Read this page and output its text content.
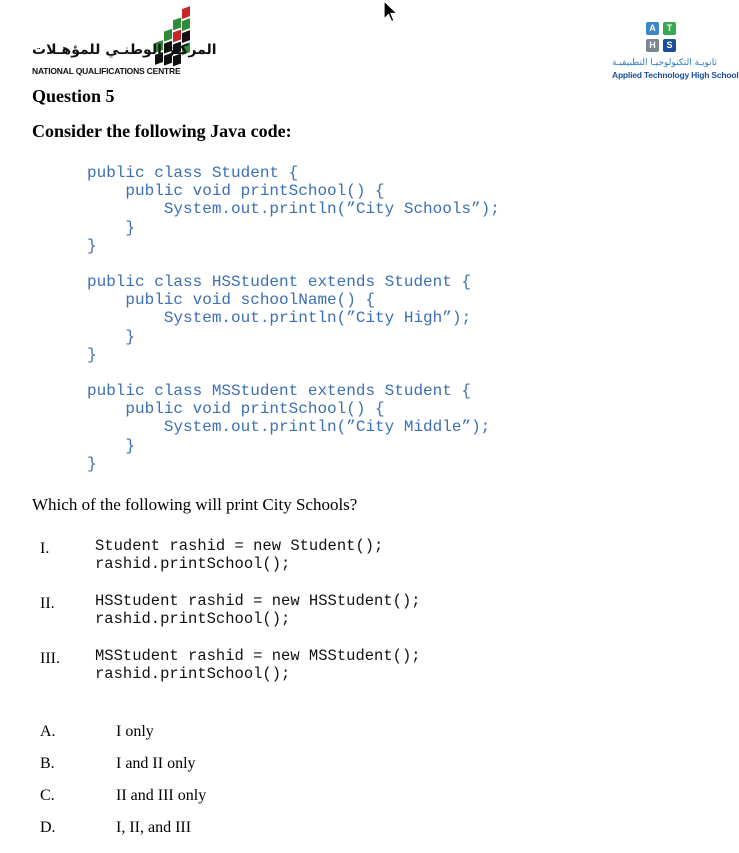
المركـز الوطنـي للمؤهـلات
NATIONAL QUALIFICATIONS CENTRE
A	T
H	S
ثانويـة التكنولوجيـا التطبيقيـة
Applied Technology High School
Question 5
Consider the following Java code:
public class Student {
public void printSchool() {
System.out.println(”City Schools”);
}
}
public class HSStudent extends Student {
public void schoolName() {
System.out.println(”City High”);
}
}
public class MSStudent extends Student {
public void printSchool() {
System.out.println(”City Middle”);
}
}
Which of the following will print City Schools?
I.	Student rashid = new Student();
rashid.printSchool();
II.	HSStudent rashid = new HSStudent();
rashid.printSchool();
III. MSStudent rashid = new MSStudent();
rashid.printSchool();
A.	I only
B.	I and II only
C.	II and III only
D.	I, II, and III
